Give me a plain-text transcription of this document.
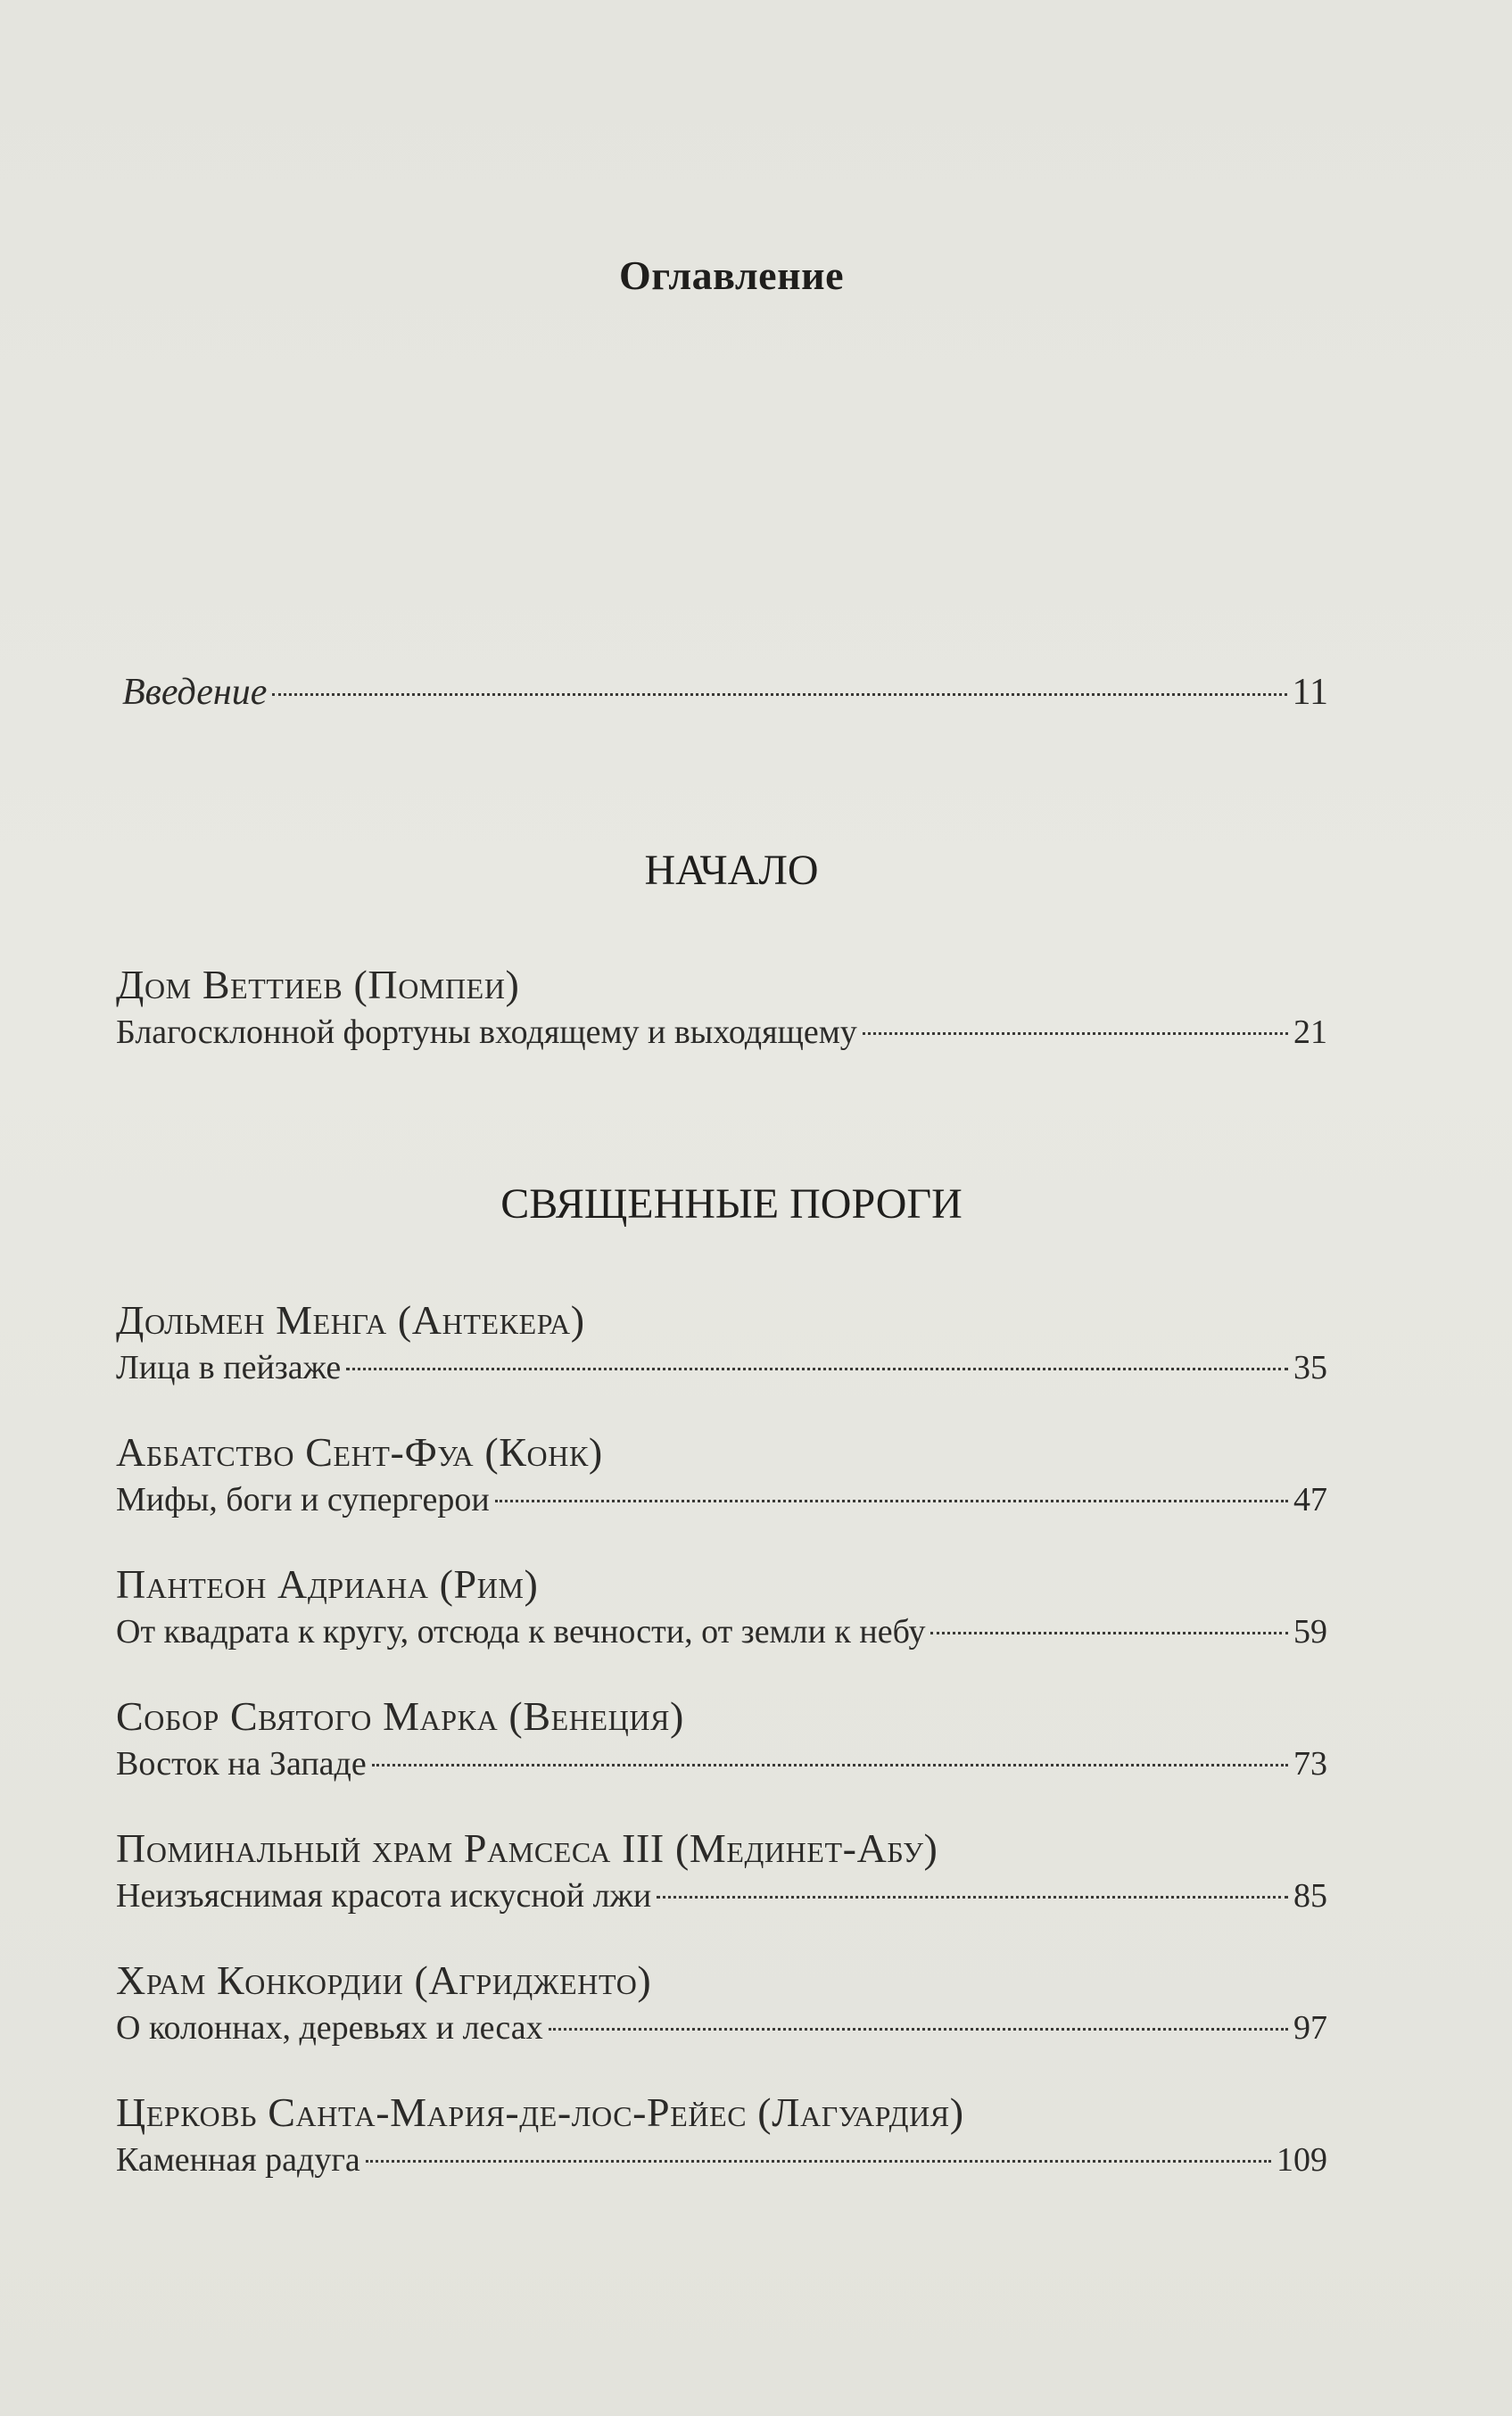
Оглавление
Введение	11
НАЧАЛО
Дом Веттиев (Помпеи)
Благосклонной фортуны входящему и выходящему	21
СВЯЩЕННЫЕ ПОРОГИ
Дольмен Менга (Антекера)
Лица в пейзаже	35
Аббатство Сент-Фуа (Конк)
Мифы, боги и супергерои	47
Пантеон Адриана (Рим)
От квадрата к кругу, отсюда к вечности, от земли к небу	59
Собор Святого Марка (Венеция)
Восток на Западе	73
Поминальный храм Рамсеса III (Мединет-Абу)
Неизъяснимая красота искусной лжи	85
Храм Конкордии (Агридженто)
О колоннах, деревьях и лесах	97
Церковь Санта-Мария-де-лос-Рейес (Лагуардия)
Каменная радуга	109
